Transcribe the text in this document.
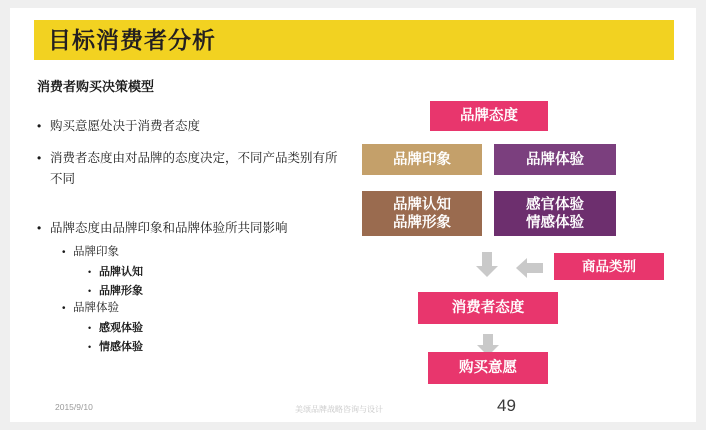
目标消费者分析
消费者购买决策模型
• 购买意愿处决于消费者态度
• 消费者态度由对品牌的态度决定，不同产品类别有所不同
• 品牌态度由品牌印象和品牌体验所共同影响
• 品牌印象
• 品牌认知
• 品牌形象
• 品牌体验
• 感观体验
• 情感体验
品牌态度
品牌印象	品牌体验
品牌认知
品牌形象
感官体验
情感体验
商品类别
消费者态度
购买意愿
2015/9/10	美颂品牌战略咨询与设计	49
